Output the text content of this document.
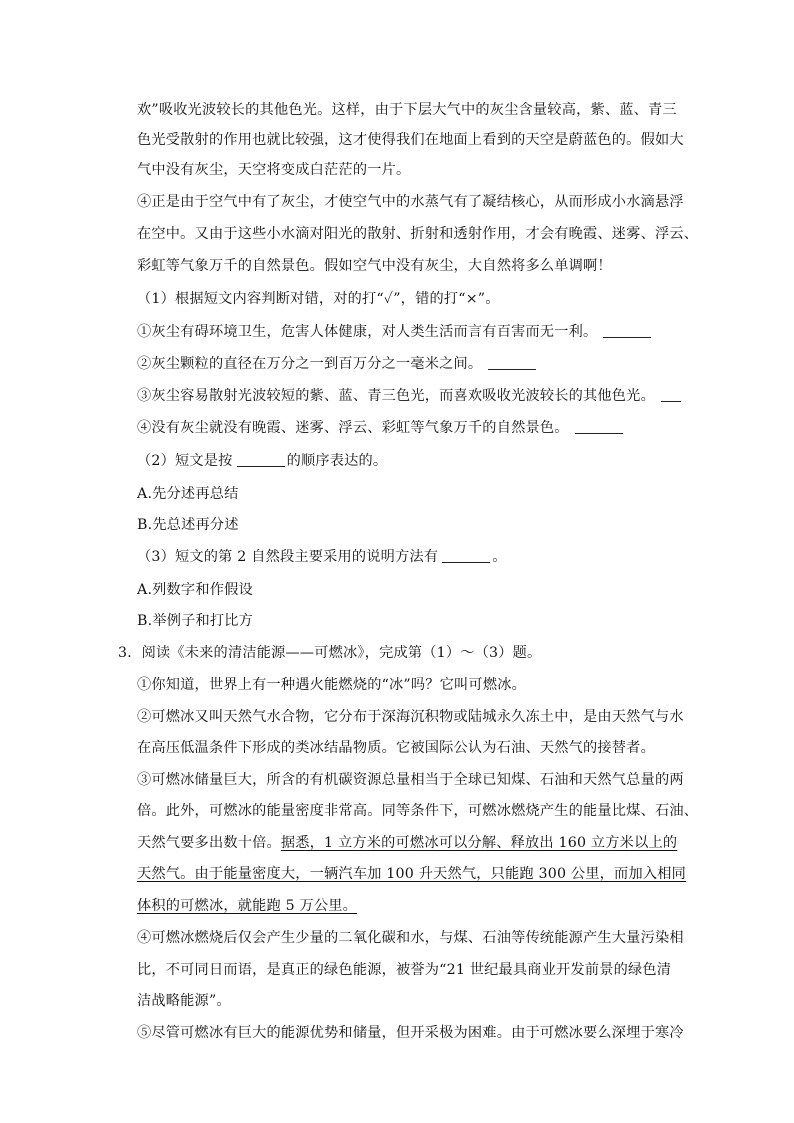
欢”吸收光波较长的其他色光。这样，由于下层大气中的灰尘含量较高，紫、蓝、青三
色光受散射的作用也就比较强，这才使得我们在地面上看到的天空是蔚蓝色的。假如大
气中没有灰尘，天空将变成白茫茫的一片。
④正是由于空气中有了灰尘，才使空气中的水蒸气有了凝结核心，从而形成小水滴悬浮
在空中。又由于这些小水滴对阳光的散射、折射和透射作用，才会有晚霞、迷雾、浮云、
彩虹等气象万千的自然景色。假如空气中没有灰尘，大自然将多么单调啊！
（1）根据短文内容判断对错，对的打“✓”，错的打“×”。
①灰尘有碍环境卫生，危害人体健康，对人类生活而言有百害而无一利。
②灰尘颗粒的直径在万分之一到百万分之一毫米之间。
③灰尘容易散射光波较短的紫、蓝、青三色光，而喜欢吸收光波较长的其他色光。
④没有灰尘就没有晚霞、迷雾、浮云、彩虹等气象万千的自然景色。
（2）短文是按	的顺序表达的。
A.先分述再总结
B.先总述再分述
（3）短文的第 2 自然段主要采用的说明方法有	。
A.列数字和作假设
B.举例子和打比方
3．阅读《未来的清洁能源——可燃冰》，完成第（1）～（3）题。
①你知道，世界上有一种遇火能燃烧的“冰”吗？它叫可燃冰。
②可燃冰又叫天然气水合物，它分布于深海沉积物或陆城永久冻土中，是由天然气与水
在高压低温条件下形成的类冰结晶物质。它被国际公认为石油、天然气的接替者。
③可燃冰储量巨大，所含的有机碳资源总量相当于全球已知煤、石油和天然气总量的两
倍。此外，可燃冰的能量密度非常高。同等条件下，可燃冰燃烧产生的能量比煤、石油、
天然气要多出数十倍。据悉，1 立方米的可燃冰可以分解、释放出 160 立方米以上的
天然气。由于能量密度大，一辆汽车加 100 升天然气，只能跑 300 公里，而加入相同
体积的可燃冰，就能跑 5 万公里。
④可燃冰燃烧后仅会产生少量的二氧化碳和水，与煤、石油等传统能源产生大量污染相
比，不可同日而语，是真正的绿色能源，被誉为“21 世纪最具商业开发前景的绿色清
洁战略能源”。
⑤尽管可燃冰有巨大的能源优势和储量，但开采极为困难。由于可燃冰要么深埋于寒冷
